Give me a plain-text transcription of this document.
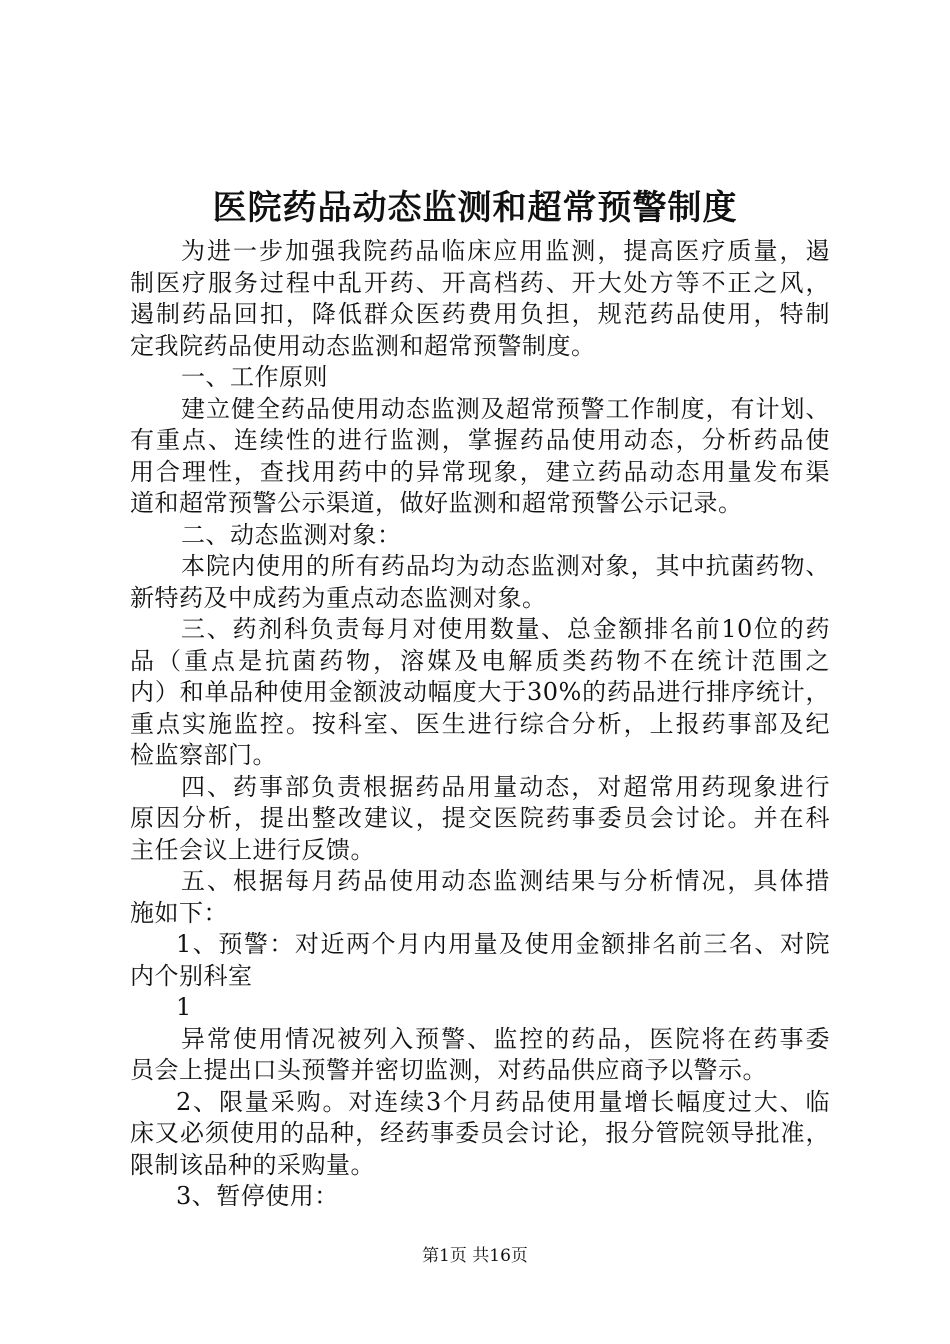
医院药品动态监测和超常预警制度
为进一步加强我院药品临床应用监测，提高医疗质量，遏
制医疗服务过程中乱开药、开高档药、开大处方等不正之风，
遏制药品回扣，降低群众医药费用负担，规范药品使用，特制
定我院药品使用动态监测和超常预警制度。
一、工作原则
建立健全药品使用动态监测及超常预警工作制度，有计划、
有重点、连续性的进行监测，掌握药品使用动态，分析药品使
用合理性，查找用药中的异常现象，建立药品动态用量发布渠
道和超常预警公示渠道，做好监测和超常预警公示记录。
二、动态监测对象：
本院内使用的所有药品均为动态监测对象，其中抗菌药物、
新特药及中成药为重点动态监测对象。
三、药剂科负责每月对使用数量、总金额排名前10位的药
品（重点是抗菌药物，溶媒及电解质类药物不在统计范围之
内）和单品种使用金额波动幅度大于30%的药品进行排序统计，
重点实施监控。按科室、医生进行综合分析，上报药事部及纪
检监察部门。
四、药事部负责根据药品用量动态，对超常用药现象进行
原因分析，提出整改建议，提交医院药事委员会讨论。并在科
主任会议上进行反馈。
五、根据每月药品使用动态监测结果与分析情况，具体措
施如下：
1、预警：对近两个月内用量及使用金额排名前三名、对院
内个别科室
1
异常使用情况被列入预警、监控的药品，医院将在药事委
员会上提出口头预警并密切监测，对药品供应商予以警示。
2、限量采购。对连续3个月药品使用量增长幅度过大、临
床又必须使用的品种，经药事委员会讨论，报分管院领导批准，
限制该品种的采购量。
3、暂停使用：
第1页 共16页
